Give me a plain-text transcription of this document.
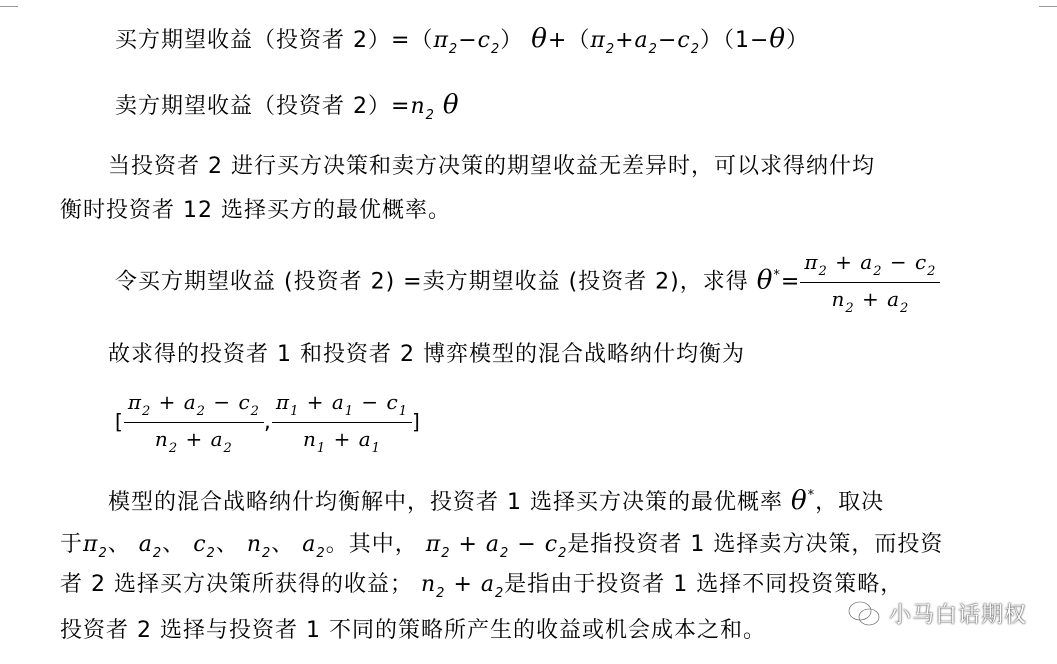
买方期望收益（投资者 $2)=(\pi_2-c_2)$ $\theta+(\pi_2+a_2-c_2)(1-\theta)$
卖方期望收益（投资者 $2)=n_2$ θ
当投资者 2 进行买方决策和卖方决策的期望收益无差异时，可以求得纳什均
衡时投资者 12 选择买方的最优概率。
令买方期望收益 (投资者 2) =卖方期望收益 (投资者 2)，求得 $\theta^*= \frac{\pi_2 + a_2 - c_2}{n_2 + a_2}$
故求得的投资者 1 和投资者 2 博弈模型的混合战略纳什均衡为
[ $\frac{\pi_2 + a_2 - c_2}{n_2 + a_2}$ , $\frac{\pi_1 + a_1 - c_1}{n_1 + a_1}$ ]
模型的混合战略纳什均衡解中，投资者 1 选择买方决策的最优概率 θ*，取决
于$\pi_2$、 $a_2$、 $c_2$、 $n_2$、 $a_2$。其中， $\pi_2 + a_2 - c_2$是指投资者 1 选择卖方决策，而投资
者 2 选择买方决策所获得的收益； $n_2 + a_2$是指由于投资者 1 选择不同投资策略，
投资者 2 选择与投资者 1 不同的策略所产生的收益或机会成本之和。
小马白话期权
